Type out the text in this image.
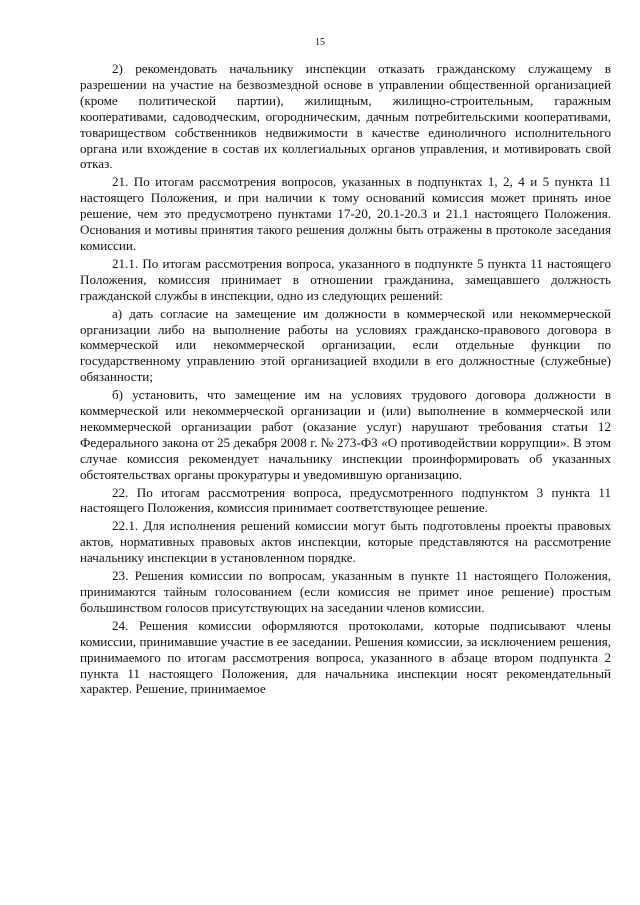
15

2) рекомендовать начальнику инспекции отказать гражданскому служащему в разрешении на участие на безвозмездной основе в управлении общественной организацией (кроме политической партии), жилищным, жилищно-строительным, гаражным кооперативами, садоводческим, огородническим, дачным потребительскими кооперативами, товариществом собственников недвижимости в качестве единоличного исполнительного органа или вхождение в состав их коллегиальных органов управления, и мотивировать свой отказ.

21. По итогам рассмотрения вопросов, указанных в подпунктах 1, 2, 4 и 5 пункта 11 настоящего Положения, и при наличии к тому оснований комиссия может принять иное решение, чем это предусмотрено пунктами 17-20, 20.1-20.3 и 21.1 настоящего Положения. Основания и мотивы принятия такого решения должны быть отражены в протоколе заседания комиссии.

21.1. По итогам рассмотрения вопроса, указанного в подпункте 5 пункта 11 настоящего Положения, комиссия принимает в отношении гражданина, замещавшего должность гражданской службы в инспекции, одно из следующих решений:

а) дать согласие на замещение им должности в коммерческой или некоммерческой организации либо на выполнение работы на условиях гражданско-правового договора в коммерческой или некоммерческой организации, если отдельные функции по государственному управлению этой организацией входили в его должностные (служебные) обязанности;

б) установить, что замещение им на условиях трудового договора должности в коммерческой или некоммерческой организации и (или) выполнение в коммерческой или некоммерческой организации работ (оказание услуг) нарушают требования статьи 12 Федерального закона от 25 декабря 2008 г. № 273-ФЗ «О противодействии коррупции». В этом случае комиссия рекомендует начальнику инспекции проинформировать об указанных обстоятельствах органы прокуратуры и уведомившую организацию.

22. По итогам рассмотрения вопроса, предусмотренного подпунктом 3 пункта 11 настоящего Положения, комиссия принимает соответствующее решение.

22.1. Для исполнения решений комиссии могут быть подготовлены проекты правовых актов, нормативных правовых актов инспекции, которые представляются на рассмотрение начальнику инспекции в установленном порядке.

23. Решения комиссии по вопросам, указанным в пункте 11 настоящего Положения, принимаются тайным голосованием (если комиссия не примет иное решение) простым большинством голосов присутствующих на заседании членов комиссии.

24. Решения комиссии оформляются протоколами, которые подписывают члены комиссии, принимавшие участие в ее заседании. Решения комиссии, за исключением решения, принимаемого по итогам рассмотрения вопроса, указанного в абзаце втором подпункта 2 пункта 11 настоящего Положения, для начальника инспекции носят рекомендательный характер. Решение, принимаемое
